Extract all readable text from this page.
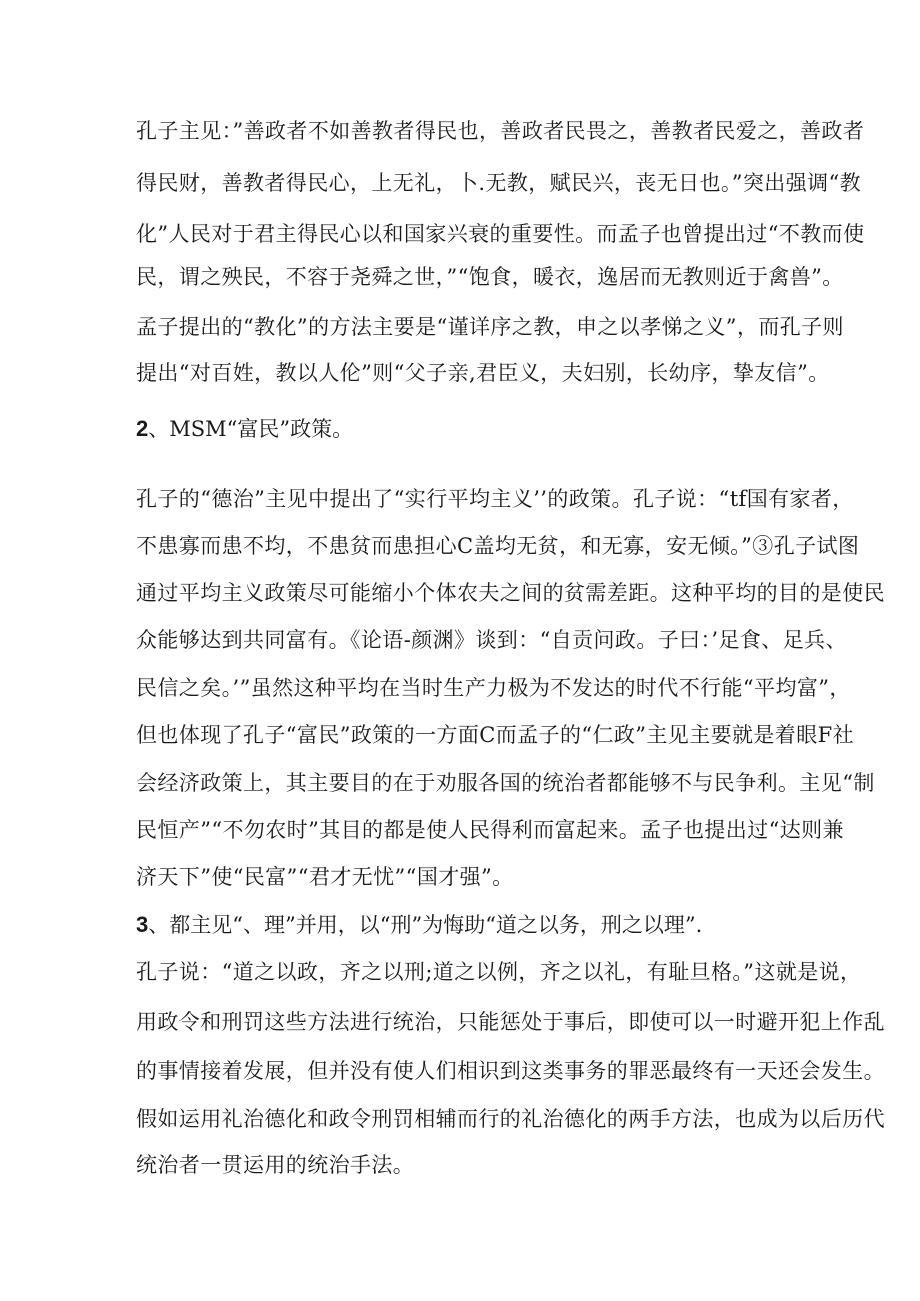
孔子主见：”善政者不如善教者得民也，善政者民畏之，善教者民爱之，善政者
得民财，善教者得民心，上无礼，卜.无教，赋民兴，丧无日也。”突出强调“教
化”人民对于君主得民心以和国家兴衰的重要性。而孟子也曾提出过“不教而使
民，谓之殃民，不容于尧舜之世，”“饱食，暖衣，逸居而无教则近于禽兽”。
孟子提出的“教化”的方法主要是“谨详序之教，申之以孝悌之义”，而孔子则
提出“对百姓，教以人伦”则“父子亲,君臣义，夫妇别，长幼序，挚友信”。
2、MSM“富民”政策。
孔子的“德治”主见中提出了“实行平均主义’’的政策。孔子说：“tf国有家者，
不患寡而患不均，不患贫而患担心C盖均无贫，和无寡，安无倾。”③孔子试图
通过平均主义政策尽可能缩小个体农夫之间的贫需差距。这种平均的目的是使民
众能够达到共同富有。《论语-颜渊》谈到：“自贡问政。子曰：’足食、足兵、
民信之矣。’”虽然这种平均在当时生产力极为不发达的时代不行能“平均富”，
但也体现了孔子“富民”政策的一方面C而孟子的“仁政”主见主要就是着眼F社
会经济政策上，其主要目的在于劝服各国的统治者都能够不与民争利。主见“制
民恒产”“不勿农时”其目的都是使人民得利而富起来。孟子也提出过“达则兼
济天下”使“民富”“君才无忧”“国才强”。
3、都主见“、理”并用，以“刑”为悔助“道之以务，刑之以理”.
孔子说：“道之以政，齐之以刑;道之以例，齐之以礼，有耻旦格。”这就是说，
用政令和刑罚这些方法进行统治，只能惩处于事后，即使可以一时避开犯上作乱
的事情接着发展，但并没有使人们相识到这类事务的罪恶最终有一天还会发生。
假如运用礼治德化和政令刑罚相辅而行的礼治德化的两手方法，也成为以后历代
统治者一贯运用的统治手法。
